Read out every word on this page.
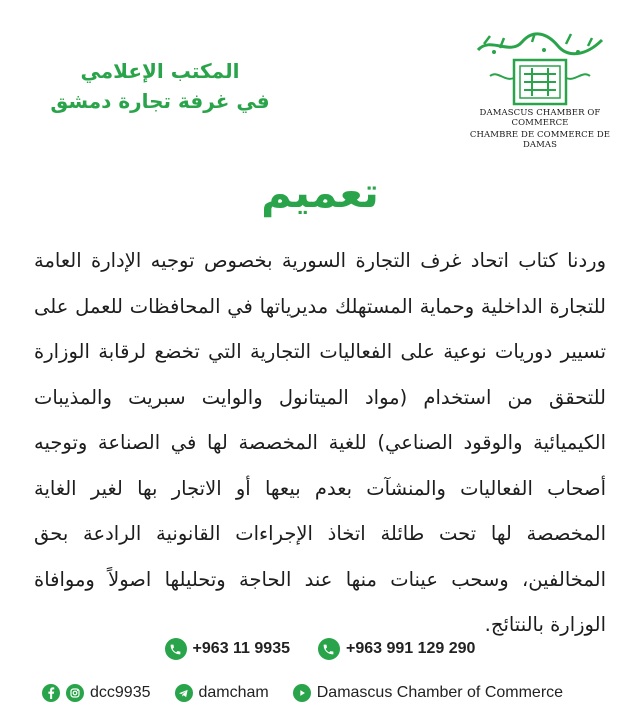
المكتب الإعلامي
في غرفة تجارة دمشق	DAMASCUS CHAMBER OF COMMERCE
CHAMBRE DE COMMERCE DE DAMAS
تعميم
وردنا كتاب اتحاد غرف التجارة السورية بخصوص توجيه الإدارة العامة للتجارة الداخلية وحماية المستهلك مديرياتها في المحافظات للعمل على تسيير دوريات نوعية على الفعاليات التجارية التي تخضع لرقابة الوزارة للتحقق من استخدام (مواد الميتانول والوايت سبريت والمذيبات الكيميائية والوقود الصناعي) للغية المخصصة لها في الصناعة وتوجيه أصحاب الفعاليات والمنشآت بعدم بيعها أو الاتجار بها لغير الغاية المخصصة لها تحت طائلة اتخاذ الإجراءات القانونية الرادعة بحق المخالفين، وسحب عينات منها عند الحاجة وتحليلها اصولاً وموافاة الوزارة بالنتائج.
+963 11 9935	+963 991 129 290
dcc9935	damcham	Damascus Chamber of Commerce
